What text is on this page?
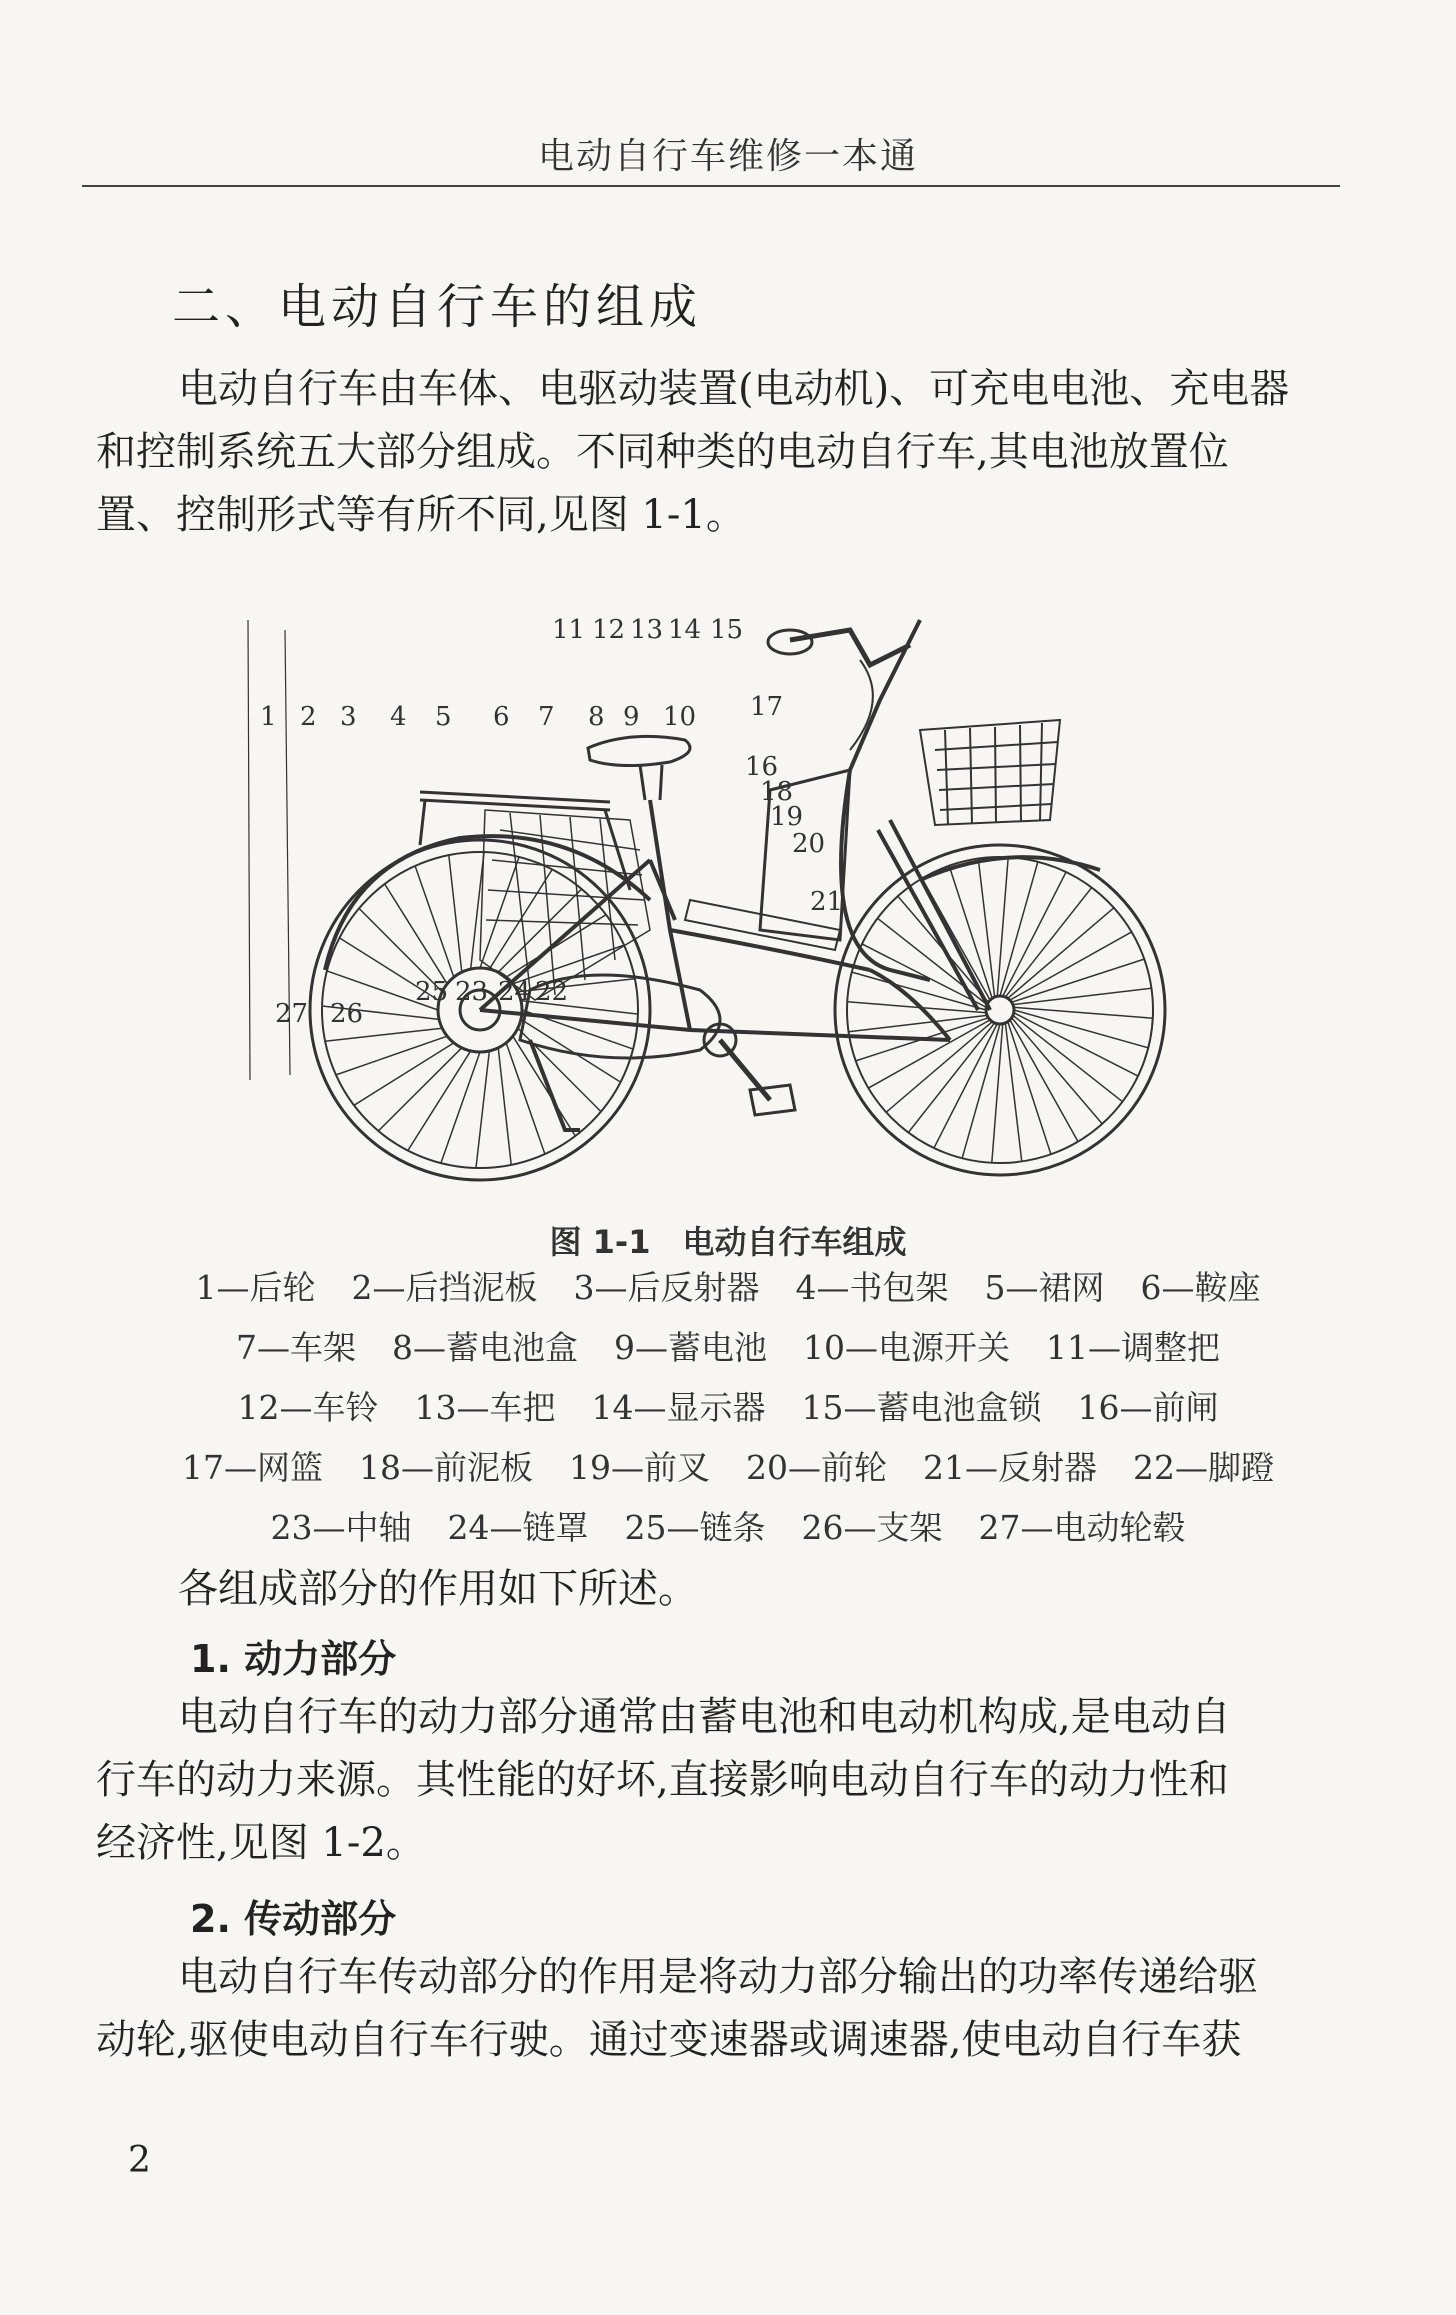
电动自行车维修一本通
二、电动自行车的组成
电动自行车由车体、电驱动装置(电动机)、可充电电池、充电器
和控制系统五大部分组成。不同种类的电动自行车,其电池放置位
置、控制形式等有所不同,见图 1-1。
1 2 3 4 5 6 7 8 9 10
11 12 13 14 15
16
17
18
19
20
21
22
23 24
25
26
27
图 1-1　电动自行车组成
1—后轮 2—后挡泥板 3—后反射器 4—书包架 5—裙网 6—鞍座
7—车架 8—蓄电池盒 9—蓄电池 10—电源开关 11—调整把
12—车铃 13—车把 14—显示器 15—蓄电池盒锁 16—前闸
17—网篮 18—前泥板 19—前叉 20—前轮 21—反射器 22—脚蹬
23—中轴 24—链罩 25—链条 26—支架 27—电动轮毂
各组成部分的作用如下所述。
1. 动力部分
电动自行车的动力部分通常由蓄电池和电动机构成,是电动自
行车的动力来源。其性能的好坏,直接影响电动自行车的动力性和
经济性,见图 1-2。
2. 传动部分
电动自行车传动部分的作用是将动力部分输出的功率传递给驱
动轮,驱使电动自行车行驶。通过变速器或调速器,使电动自行车获
2
